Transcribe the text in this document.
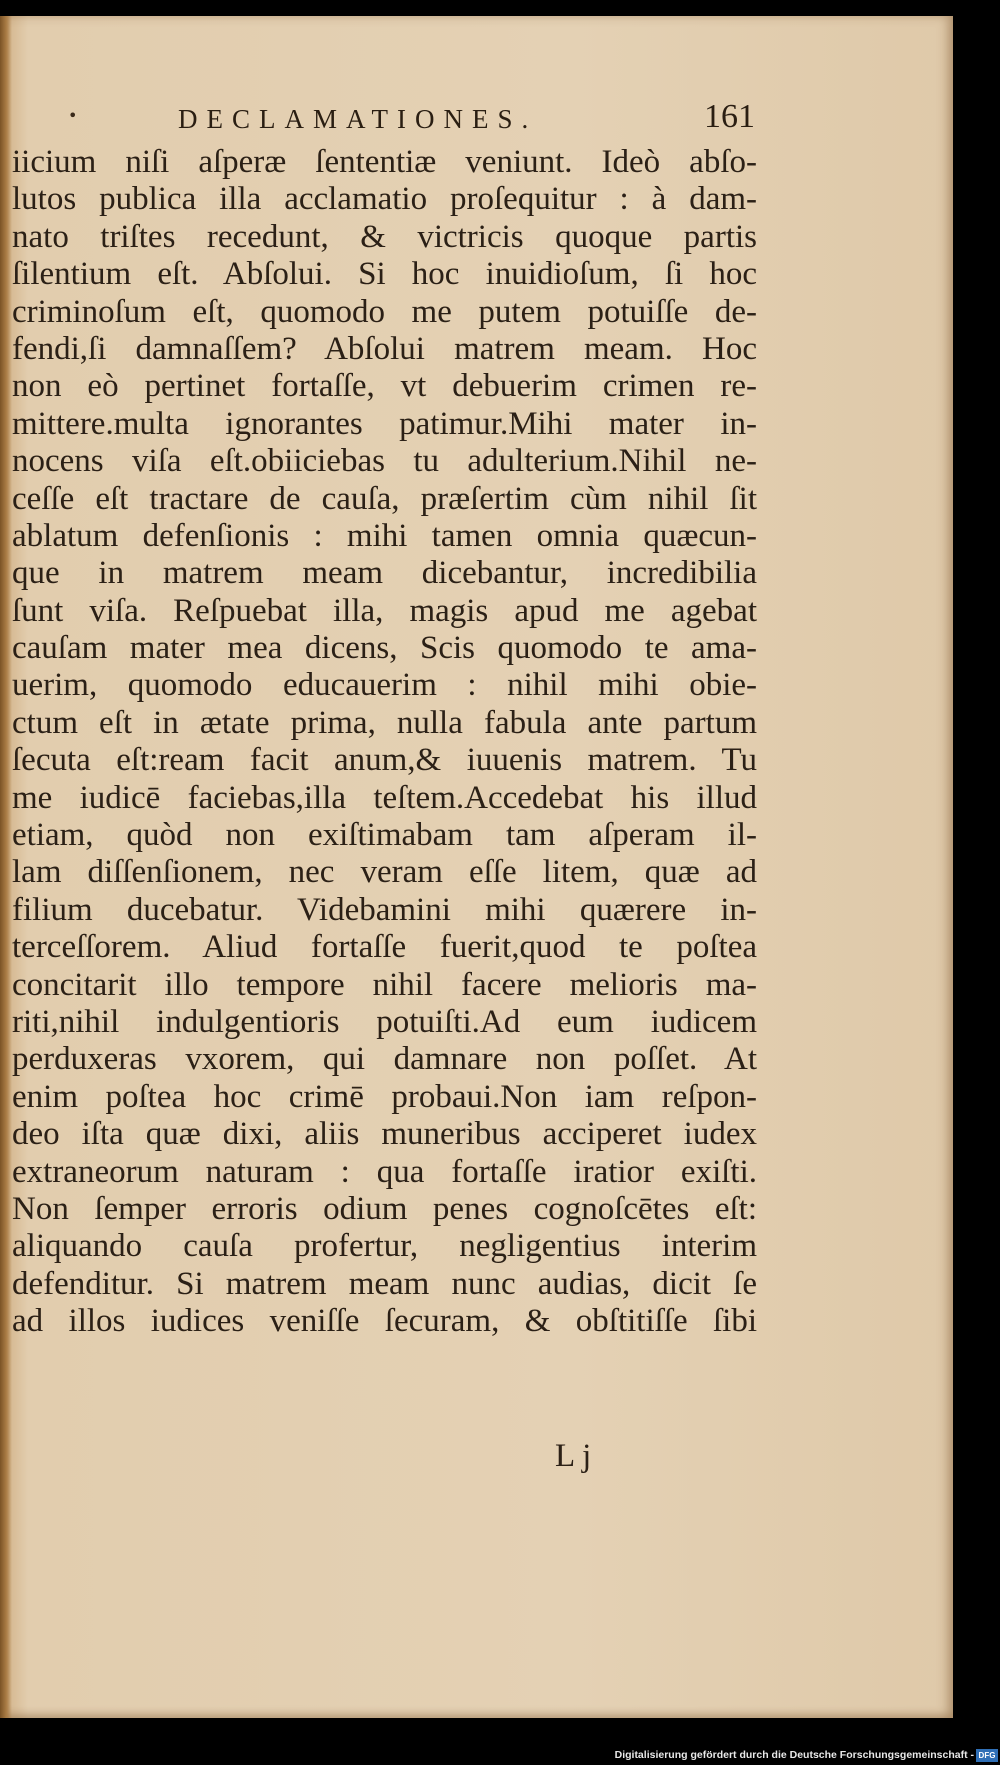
•	DECLAMATIONES.	161
iicium niſi aſperæ ſententiæ veniunt. Ideò abſo-
lutos publica illa acclamatio proſequitur : à dam-
nato triſtes recedunt, & victricis quoque partis
ſilentium eſt. Abſolui. Si hoc inuidioſum, ſi hoc
criminoſum eſt, quomodo me putem potuiſſe de-
fendi,ſi damnaſſem? Abſolui matrem meam. Hoc
non eò pertinet fortaſſe, vt debuerim crimen re-
mittere.multa ignorantes patimur.Mihi mater in-
nocens viſa eſt.obiiciebas tu adulterium.Nihil ne-
ceſſe eſt tractare de cauſa, præſertim cùm nihil ſit
ablatum defenſionis : mihi tamen omnia quæcun-
que in matrem meam dicebantur, incredibilia
ſunt viſa. Reſpuebat illa, magis apud me agebat
cauſam mater mea dicens, Scis quomodo te ama-
uerim, quomodo educauerim : nihil mihi obie-
ctum eſt in ætate prima, nulla fabula ante partum
ſecuta eſt:ream facit anum,& iuuenis matrem. Tu
me iudicē faciebas,illa teſtem.Accedebat his illud
etiam, quòd non exiſtimabam tam aſperam il-
lam diſſenſionem, nec veram eſſe litem, quæ ad
filium ducebatur. Videbamini mihi quærere in-
terceſſorem. Aliud fortaſſe fuerit,quod te poſtea
concitarit illo tempore nihil facere melioris ma-
riti,nihil indulgentioris potuiſti.Ad eum iudicem
perduxeras vxorem, qui damnare non poſſet. At
enim poſtea hoc crimē probaui.Non iam reſpon-
deo iſta quæ dixi, aliis muneribus acciperet iudex
extraneorum naturam : qua fortaſſe iratior exiſti.
Non ſemper erroris odium penes cognoſcētes eſt:
aliquando cauſa profertur, negligentius interim
defenditur. Si matrem meam nunc audias, dicit ſe
ad illos iudices veniſſe ſecuram, & obſtitiſſe ſibi
L j
Digitalisierung gefördert durch die Deutsche Forschungsgemeinschaft - DFG
